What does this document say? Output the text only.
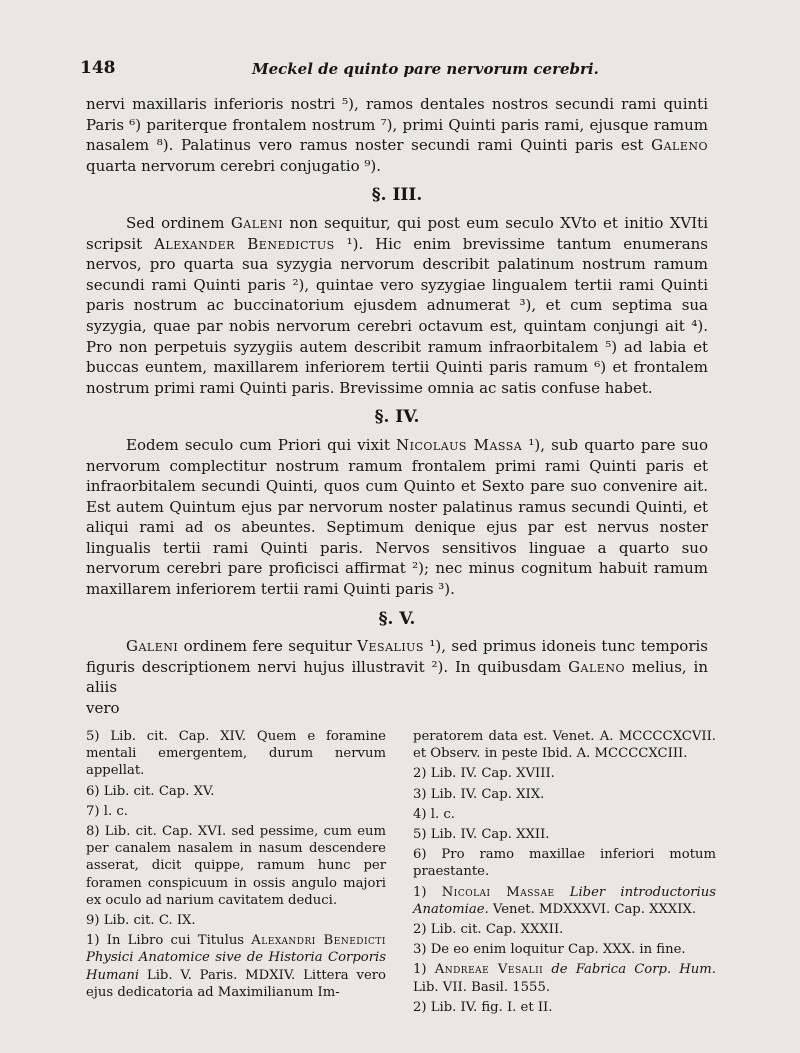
148	Meckel de quinto pare nervorum cerebri.

nervi maxillaris inferioris nostri ⁵), ramos dentales nostros secundi rami quinti Paris ⁶) pariterque frontalem nostrum ⁷), primi Quinti paris rami, ejusque ramum nasalem ⁸). Palatinus vero ramus noster secundi rami Quinti paris est Galeno quarta nervorum cerebri conjugatio ⁹).

§. III.

Sed ordinem Galeni non sequitur, qui post eum seculo XVto et initio XVIti scripsit Alexander Benedictus ¹). Hic enim brevissime tantum enumerans nervos, pro quarta sua syzygia nervorum describit palatinum nostrum ramum secundi rami Quinti paris ²), quintae vero syzygiae lingualem tertii rami Quinti paris nostrum ac buccinatorium ejusdem adnumerat ³), et cum septima sua syzygia, quae par nobis nervorum cerebri octavum est, quintam conjungi ait ⁴). Pro non perpetuis syzygiis autem describit ramum infraorbitalem ⁵) ad labia et buccas euntem, maxillarem inferiorem tertii Quinti paris ramum ⁶) et frontalem nostrum primi rami Quinti paris. Brevissime omnia ac satis confuse habet.

§. IV.

Eodem seculo cum Priori qui vixit Nicolaus Massa ¹), sub quarto pare suo nervorum complectitur nostrum ramum frontalem primi rami Quinti paris et infraorbitalem secundi Quinti, quos cum Quinto et Sexto pare suo convenire ait. Est autem Quintum ejus par nervorum noster palatinus ramus secundi Quinti, et aliqui rami ad os abeuntes. Septimum denique ejus par est nervus noster lingualis tertii rami Quinti paris. Nervos sensitivos linguae a quarto suo nervorum cerebri pare proficisci affirmat ²); nec minus cognitum habuit ramum maxillarem inferiorem tertii rami Quinti paris ³).

§. V.

Galeni ordinem fere sequitur Vesalius ¹), sed primus idoneis tunc temporis figuris descriptionem nervi hujus illustravit ²). In quibusdam Galeno melius, in aliis

vero

5) Lib. cit. Cap. XIV. Quem e foramine mentali emergentem, durum nervum appellat.

6) Lib. cit. Cap. XV.

7) l. c.

8) Lib. cit. Cap. XVI. sed pessime, cum eum per canalem nasalem in nasum descendere asserat, dicit quippe, ramum hunc per foramen conspicuum in ossis angulo majori ex oculo ad narium cavitatem deduci.

9) Lib. cit. C. IX.

1) In Libro cui Titulus Alexandri Benedicti Physici Anatomice sive de Historia Corporis Humani Lib. V. Paris. MDXIV. Littera vero ejus dedicatoria ad Maximilianum Im-

peratorem data est. Venet. A. MCCCCXCVII. et Observ. in peste Ibid. A. MCCCCXCIII.

2) Lib. IV. Cap. XVIII.

3) Lib. IV. Cap. XIX.

4) l. c.

5) Lib. IV. Cap. XXII.

6) Pro ramo maxillae inferiori motum praestante.

1) Nicolai Massae Liber introductorius Anatomiae. Venet. MDXXXVI. Cap. XXXIX.

2) Lib. cit. Cap. XXXII.

3) De eo enim loquitur Cap. XXX. in fine.

1) Andreae Vesalii de Fabrica Corp. Hum. Lib. VII. Basil. 1555.

2) Lib. IV. fig. I. et II.
